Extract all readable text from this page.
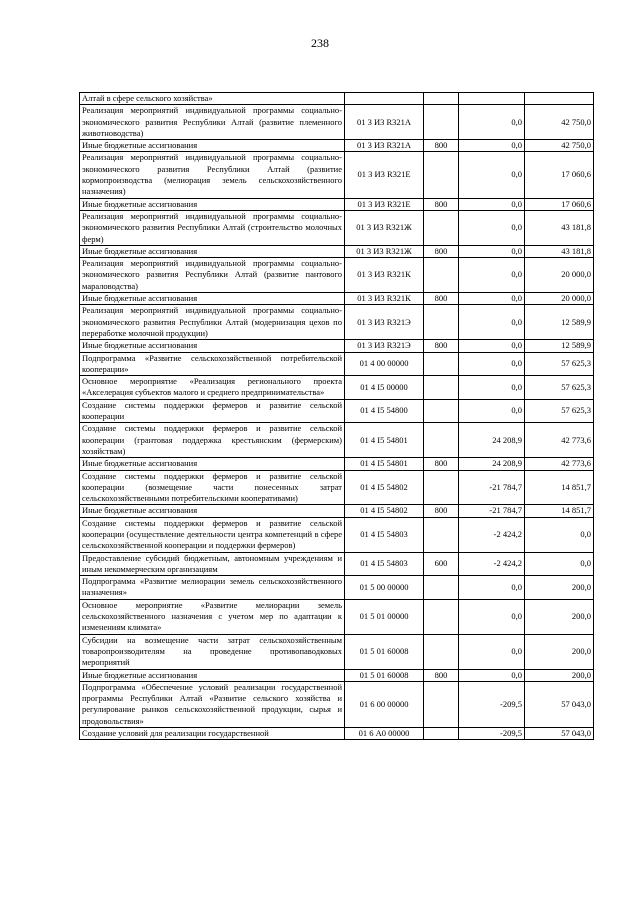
238
Алтай в сфере сельского хозяйства»				
Реализация мероприятий индивидуальной программы социально-экономического развития Республики Алтай (развитие племенного животноводства)	01 3 И3 R321А		0,0	42 750,0
Иные бюджетные ассигнования	01 3 И3 R321А	800	0,0	42 750,0
Реализация мероприятий индивидуальной программы социально-экономического развития Республики Алтай (развитие кормопроизводства (мелиорация земель сельскохозяйственного назначения)	01 3 И3 R321Е		0,0	17 060,6
Иные бюджетные ассигнования	01 3 И3 R321Е	800	0,0	17 060,6
Реализация мероприятий индивидуальной программы социально-экономического развития Республики Алтай (строительство молочных ферм)	01 3 И3 R321Ж		0,0	43 181,8
Иные бюджетные ассигнования	01 3 И3 R321Ж	800	0,0	43 181,8
Реализация мероприятий индивидуальной программы социально-экономического развития Республики Алтай (развитие пантового мараловодства)	01 3 И3 R321К		0,0	20 000,0
Иные бюджетные ассигнования	01 3 И3 R321К	800	0,0	20 000,0
Реализация мероприятий индивидуальной программы социально-экономического развития Республики Алтай (модернизация цехов по переработке молочной продукции)	01 3 И3 R321Э		0,0	12 589,9
Иные бюджетные ассигнования	01 3 И3 R321Э	800	0,0	12 589,9
Подпрограмма «Развитие сельскохозяйственной потребительской кооперации»	01 4 00 00000		0,0	57 625,3
Основное мероприятие «Реализация регионального проекта «Акселерация субъектов малого и среднего предпринимательства»	01 4 I5 00000		0,0	57 625,3
Создание системы поддержки фермеров и развитие сельской кооперации	01 4 I5 54800		0,0	57 625,3
Создание системы поддержки фермеров и развитие сельской кооперации (грантовая поддержка крестьянским (фермерским) хозяйствам)	01 4 I5 54801		24 208,9	42 773,6
Иные бюджетные ассигнования	01 4 I5 54801	800	24 208,9	42 773,6
Создание системы поддержки фермеров и развитие сельской кооперации (возмещение части понесенных затрат сельскохозяйственными потребительскими кооперативами)	01 4 I5 54802		-21 784,7	14 851,7
Иные бюджетные ассигнования	01 4 I5 54802	800	-21 784,7	14 851,7
Создание системы поддержки фермеров и развитие сельской кооперации (осуществление деятельности центра компетенций в сфере сельскохозяйственной кооперации и поддержки фермеров)	01 4 I5 54803		-2 424,2	0,0
Предоставление субсидий бюджетным, автономным учреждениям и иным некоммерческим организациям	01 4 I5 54803	600	-2 424,2	0,0
Подпрограмма «Развитие мелиорации земель сельскохозяйственного назначения»	01 5 00 00000		0,0	200,0
Основное мероприятие «Развитие мелиорации земель сельскохозяйственного назначения с учетом мер по адаптации к изменениям климата»	01 5 01 00000		0,0	200,0
Субсидии на возмещение части затрат сельскохозяйственным товаропроизводителям на проведение противопаводковых мероприятий	01 5 01 60008		0,0	200,0
Иные бюджетные ассигнования	01 5 01 60008	800	0,0	200,0
Подпрограмма «Обеспечение условий реализации государственной программы Республики Алтай «Развитие сельского хозяйства и регулирование рынков сельскохозяйственной продукции, сырья и продовольствия»	01 6 00 00000		-209,5	57 043,0
Создание условий для реализации государственной	01 6 А0 00000		-209,5	57 043,0
